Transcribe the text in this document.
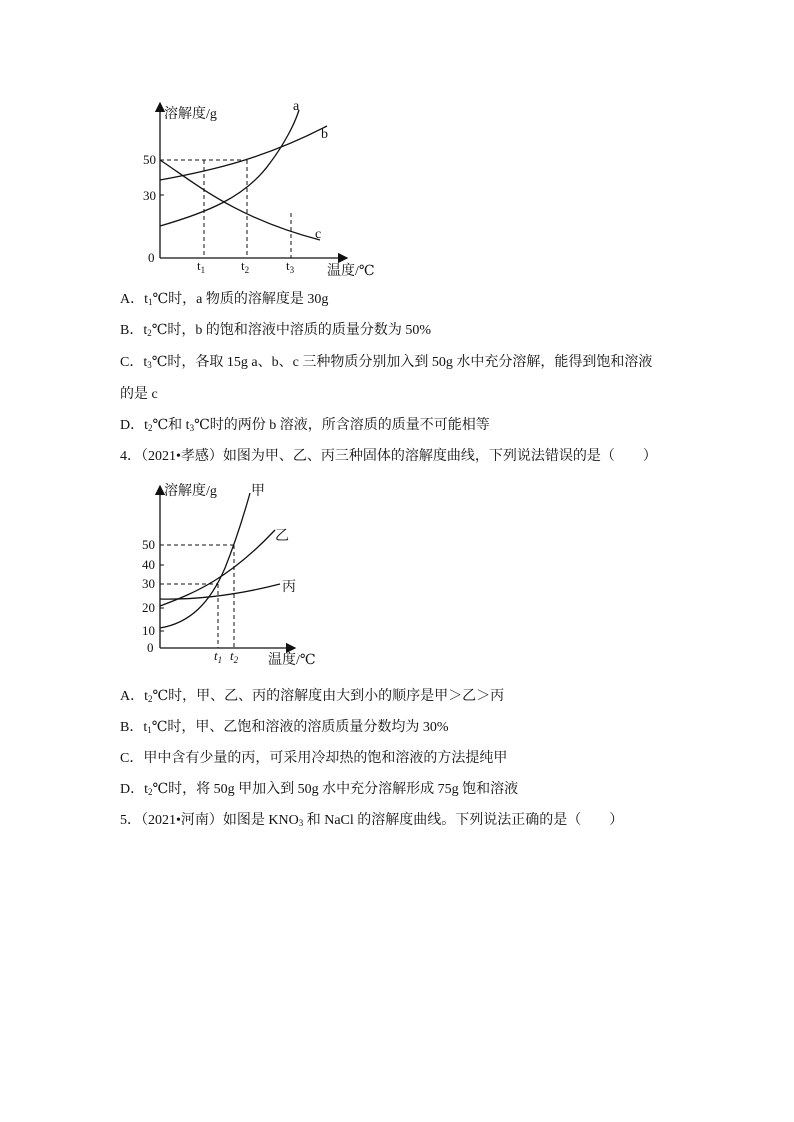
溶解度/g
温度/℃
0
30
50
$t_1$	$t_2$	$t_3$
a
b
c
A．$t_1℃$时，a 物质的溶解度是 30g
B．$t_2℃$时，b 的饱和溶液中溶质的质量分数为 50%
C．$t_3℃$时，各取 15g a、b、c 三种物质分别加入到 50g 水中充分溶解，能得到饱和溶液
的是 c
D．$t_2℃$和 $t_3℃$时的两份 b 溶液，所含溶质的质量不可能相等
4．（2021•孝感）如图为甲、乙、丙三种固体的溶解度曲线，下列说法错误的是（　　）
溶解度/g
温度/℃
0
10
20
30
40
50
$t_1$ $t_2$
甲
乙
丙
A．$t_2℃$时，甲、乙、丙的溶解度由大到小的顺序是甲＞乙＞丙
B．$t_1℃$时，甲、乙饱和溶液的溶质质量分数均为 30%
C．甲中含有少量的丙，可采用冷却热的饱和溶液的方法提纯甲
D．$t_2℃$时，将 50g 甲加入到 50g 水中充分溶解形成 75g 饱和溶液
5．（2021•河南）如图是 $KNO_3$ 和 NaCl 的溶解度曲线。下列说法正确的是（　　）
